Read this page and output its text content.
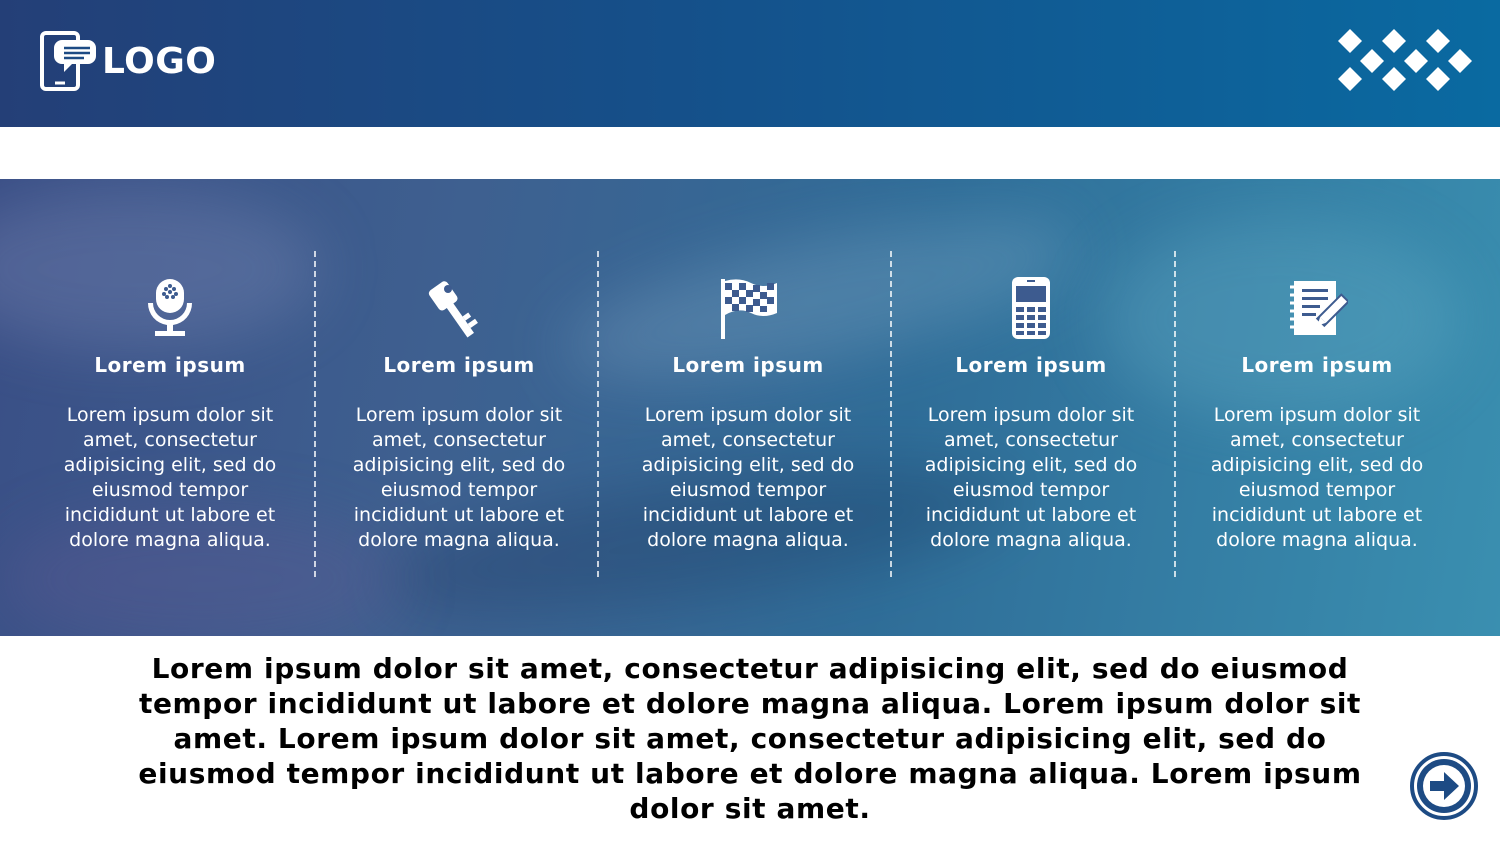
LOGO
Lorem ipsum
Lorem ipsum dolor sit amet, consectetur adipisicing elit, sed do eiusmod tempor incididunt ut labore et dolore magna aliqua.
Lorem ipsum
Lorem ipsum dolor sit amet, consectetur adipisicing elit, sed do eiusmod tempor incididunt ut labore et dolore magna aliqua.
Lorem ipsum
Lorem ipsum dolor sit amet, consectetur adipisicing elit, sed do eiusmod tempor incididunt ut labore et dolore magna aliqua.
Lorem ipsum
Lorem ipsum dolor sit amet, consectetur adipisicing elit, sed do eiusmod tempor incididunt ut labore et dolore magna aliqua.
Lorem ipsum
Lorem ipsum dolor sit amet, consectetur adipisicing elit, sed do eiusmod tempor incididunt ut labore et dolore magna aliqua.
Lorem ipsum dolor sit amet, consectetur adipisicing elit, sed do eiusmod tempor incididunt ut labore et dolore magna aliqua. Lorem ipsum dolor sit amet. Lorem ipsum dolor sit amet, consectetur adipisicing elit, sed do eiusmod tempor incididunt ut labore et dolore magna aliqua. Lorem ipsum dolor sit amet.
